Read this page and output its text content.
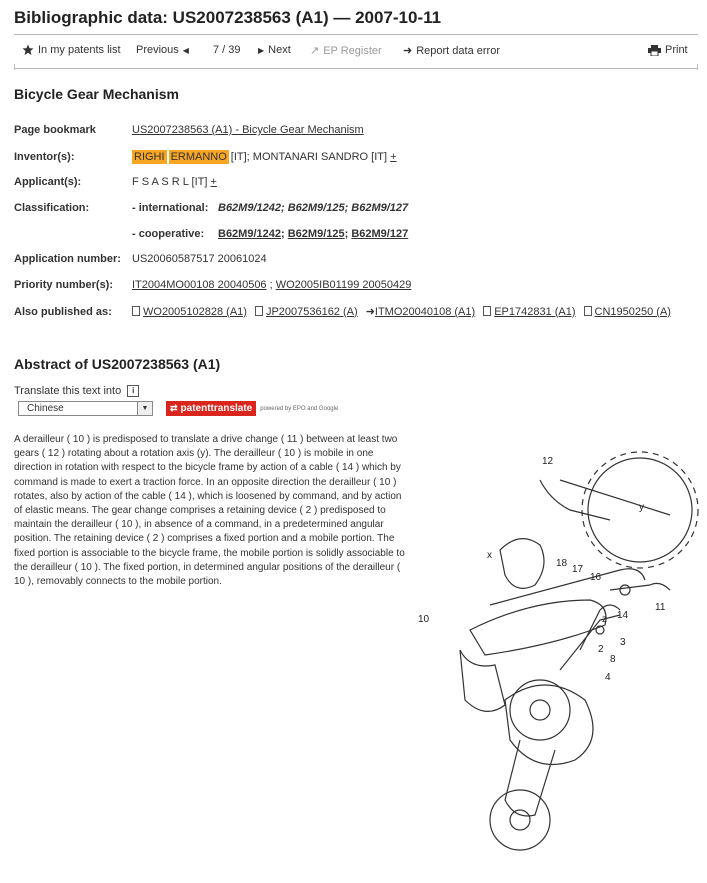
Bibliographic data: US2007238563 (A1) — 2007-10-11
In my patents list Previous ◀ 7 / 39 ▶ Next ↗ EP Register ➜ Report data error	Print
Bicycle Gear Mechanism
Page bookmark	US2007238563 (A1) - Bicycle Gear Mechanism
Inventor(s):	RIGHI ERMANNO [IT]; MONTANARI SANDRO [IT]
+
Applicant(s):	F S A S R L [IT]
+
Classification:	- international: B62M9/1242; B62M9/125; B62M9/127
- cooperative:	B62M9/1242 ; B62M9/125 ; B62M9/127
Application number:	US20060587517 20061024
Priority number(s):	IT2004MO00108 20040506 ; WO2005IB01199 20050429
Also published as:	WO2005102828 (A1)	JP2007536162 (A) ➜ITMO20040108 (A1)	EP1742831 (A1)	CN1950250 (A)
Abstract of US2007238563 (A1)
Translate this text into	i
Chinese	▼	⇄ patenttranslate powered by EPO and Google
A derailleur ( 10 ) is predisposed to translate a drive change ( 11 ) between at least two gears ( 12 ) rotating about a rotation axis (y). The derailleur ( 10 ) is mobile in one direction in rotation with respect to the bicycle frame by action of a cable ( 14 ) which by command is made to exert a traction force. In an opposite direction the derailleur ( 10 ) rotates, also by action of the cable ( 14 ), which is loosened by command, and by action of elastic means. The gear change comprises a retaining device ( 2 ) predisposed to maintain the derailleur ( 10 ), in absence of a command, in a predetermined angular position. The retaining device ( 2 ) comprises a fixed portion and a mobile portion. The fixed portion is associable to the bicycle frame, the mobile portion is solidly associable to the derailleur ( 10 ). The fixed portion, in determined angular positions of the derailleur ( 10 ), removably connects to the mobile portion.
12
y
x
18
17
16
11
10	z 14
3
2
8
4
